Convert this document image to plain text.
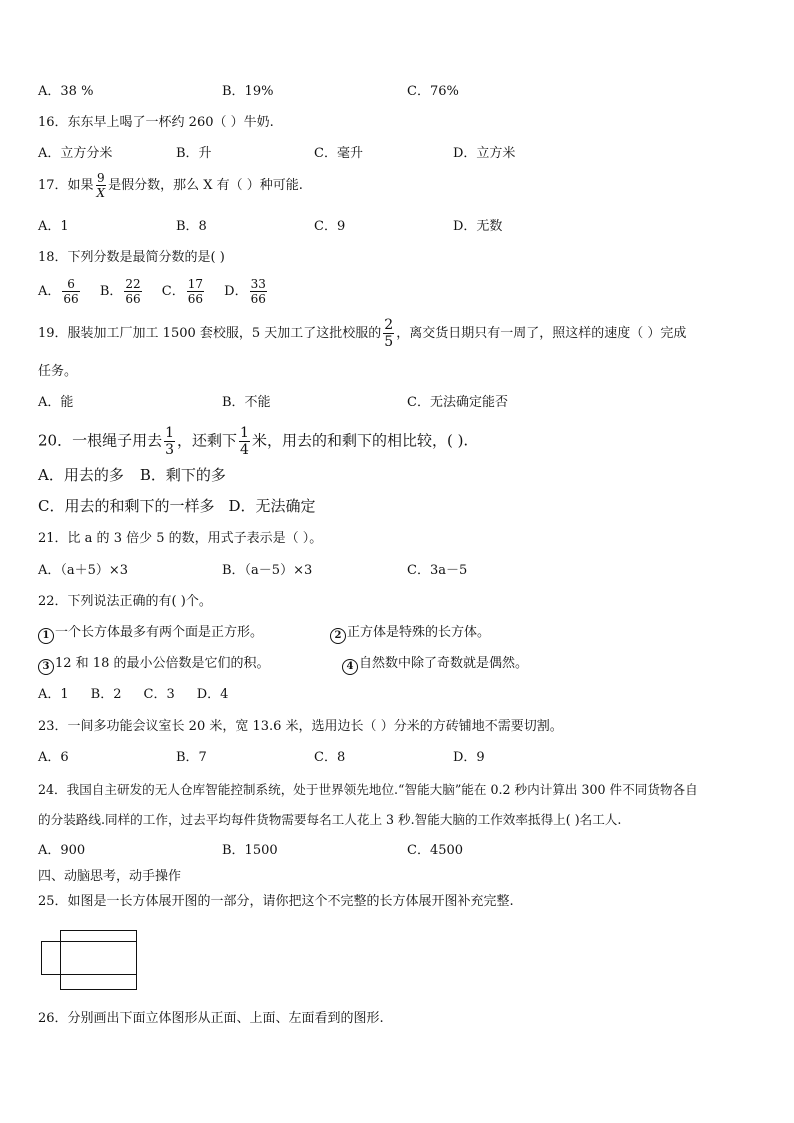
A．38 %	B．19%	C．76%
16．东东早上喝了一杯约 260（ ）牛奶.
A．立方分米	B．升	C．毫升	D．立方米
17．如果 $\frac{9}{X}$ 是假分数，那么 X 有（ ）种可能.
A．1	B．8	C．9	D．无数
18．下列分数是最简分数的是( )
A． $\frac{6}{66}$ B． $\frac{22}{66}$ C． $\frac{17}{66}$ D． $\frac{33}{66}$
19．服装加工厂加工 1500 套校服，5 天加工了这批校服的 $\frac{2}{5}$ ，离交货日期只有一周了，照这样的速度（ ）完成
任务。
A．能	B．不能	C．无法确定能否
20．一根绳子用去 $\frac{1}{3}$ ，还剩下 $\frac{1}{4}$ 米，用去的和剩下的相比较，( ).
A．用去的多 B．剩下的多
C．用去的和剩下的一样多 D．无法确定
21．比 a 的 3 倍少 5 的数，用式子表示是（ ）。
A．（a＋5）×3	B．（a－5）×3	C．3a－5
22．下列说法正确的有( )个。
1 一个长方体最多有两个面是正方形。	2 正方体是特殊的长方体。
3 12 和 18 的最小公倍数是它们的积。	4 自然数中除了奇数就是偶然。
A．1 B．2 C．3 D．4
23．一间多功能会议室长 20 米，宽 13.6 米，选用边长（ ）分米的方砖铺地不需要切割。
A．6	B．7	C．8	D．9
24．我国自主研发的无人仓库智能控制系统，处于世界领先地位.“智能大脑”能在 0.2 秒内计算出 300 件不同货物各自
的分装路线.同样的工作，过去平均每件货物需要每名工人花上 3 秒.智能大脑的工作效率抵得上( )名工人.
A．900	B．1500	C．4500
四、动脑思考，动手操作
25．如图是一长方体展开图的一部分，请你把这个不完整的长方体展开图补充完整.
26．分别画出下面立体图形从正面、上面、左面看到的图形.
